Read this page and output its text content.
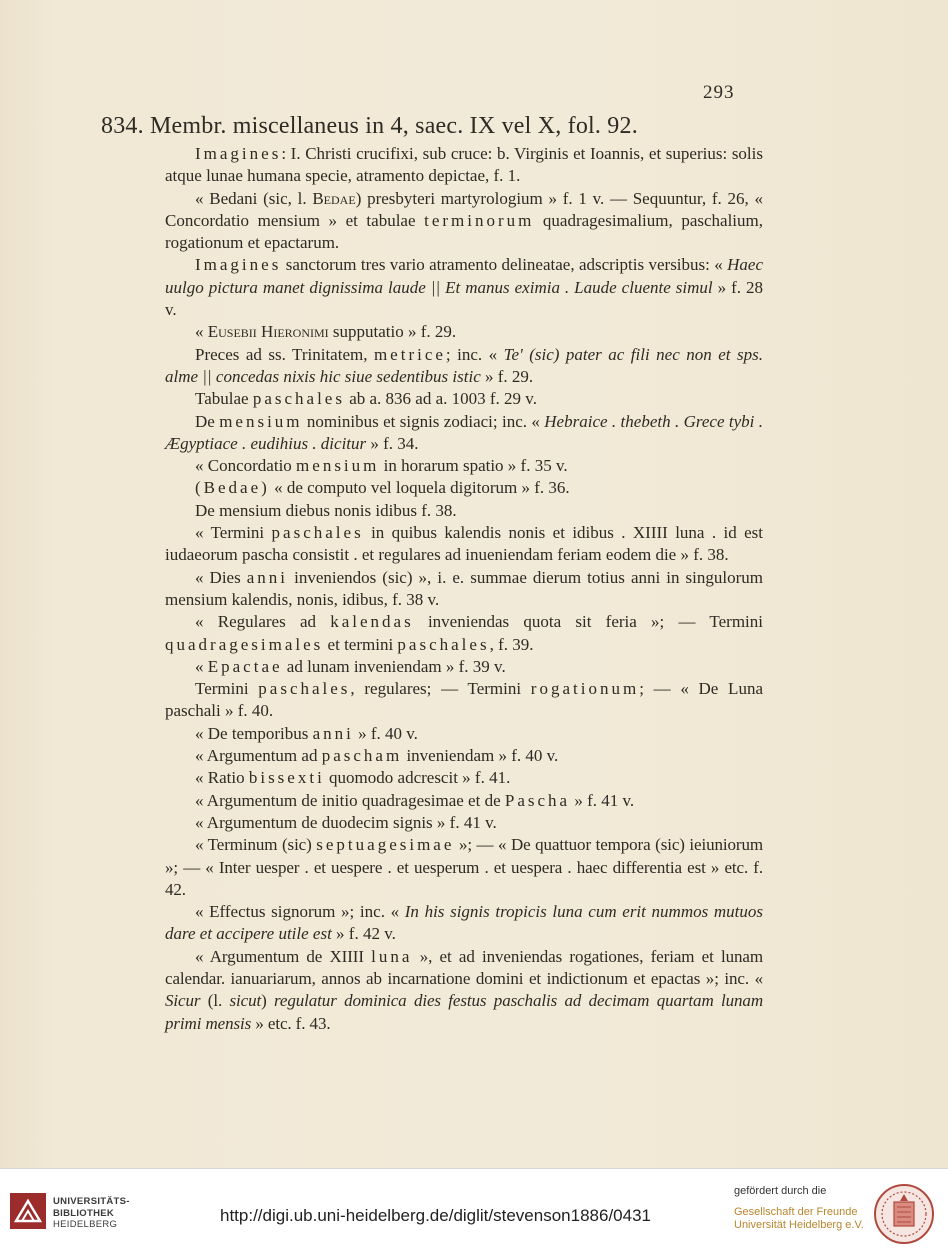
293
834. Membr. miscellaneus in 4, saec. IX vel X, fol. 92.

Imagines: I. Christi crucifixi, sub cruce: b. Virginis et Ioannis, et superius: solis atque lunae humana specie, atramento depictae, f. 1.

« Bedani (sic, l. Bedae) presbyteri martyrologium » f. 1 v. — Sequuntur, f. 26, « Concordatio mensium » et tabulae terminorum quadragesimalium, paschalium, rogationum et epactarum.

Imagines sanctorum tres vario atramento delineatae, adscriptis versibus: « Haec uulgo pictura manet dignissima laude || Et manus eximia . Laude cluente simul » f. 28 v.

« Eusebii Hieronimi supputatio » f. 29.

Preces ad ss. Trinitatem, metrice; inc. « Te' (sic) pater ac fili nec non et sps. alme || concedas nixis hic siue sedentibus istic » f. 29.

Tabulae paschales ab a. 836 ad a. 1003 f. 29 v.

De mensium nominibus et signis zodiaci; inc. « Hebraice . thebeth . Grece tybi . Ægyptiace . eudihius . dicitur » f. 34.

« Concordatio mensium in horarum spatio » f. 35 v.

(Bedae) « de computo vel loquela digitorum » f. 36.

De mensium diebus nonis idibus f. 38.

« Termini paschales in quibus kalendis nonis et idibus . XIIII luna . id est iudaeorum pascha consistit . et regulares ad inueniendam feriam eodem die » f. 38.

« Dies anni inveniendos (sic) », i. e. summae dierum totius anni in singulorum mensium kalendis, nonis, idibus, f. 38 v.

« Regulares ad kalendas inveniendas quota sit feria »; — Termini quadragesimales et termini paschales, f. 39.

« Epactae ad lunam inveniendam » f. 39 v.

Termini paschales, regulares; — Termini rogationum; — « De Luna paschali » f. 40.

« De temporibus anni » f. 40 v.

« Argumentum ad pascham inveniendam » f. 40 v.

« Ratio bissexti quomodo adcrescit » f. 41.

« Argumentum de initio quadragesimae et de Pascha » f. 41 v.

« Argumentum de duodecim signis » f. 41 v.

« Terminum (sic) septuagesimae »; — « De quattuor tempora (sic) ieiuniorum »; — « Inter uesper . et uespere . et uesperum . et uespera . haec differentia est » etc. f. 42.

« Effectus signorum »; inc. « In his signis tropicis luna cum erit nummos mutuos dare et accipere utile est » f. 42 v.

« Argumentum de XIIII luna », et ad inveniendas rogationes, feriam et lunam calendar. ianuariarum, annos ab incarnatione domini et indictionum et epactas »; inc. « Sicur (l. sicut) regulatur dominica dies festus paschalis ad decimam quartam lunam primi mensis » etc. f. 43.

UNIVERSITÄTS-
BIBLIOTHEK
HEIDELBERG	http://digi.ub.uni-heidelberg.de/diglit/stevenson1886/0431
gefördert durch die
Gesellschaft der Freunde
Universität Heidelberg e.V.
